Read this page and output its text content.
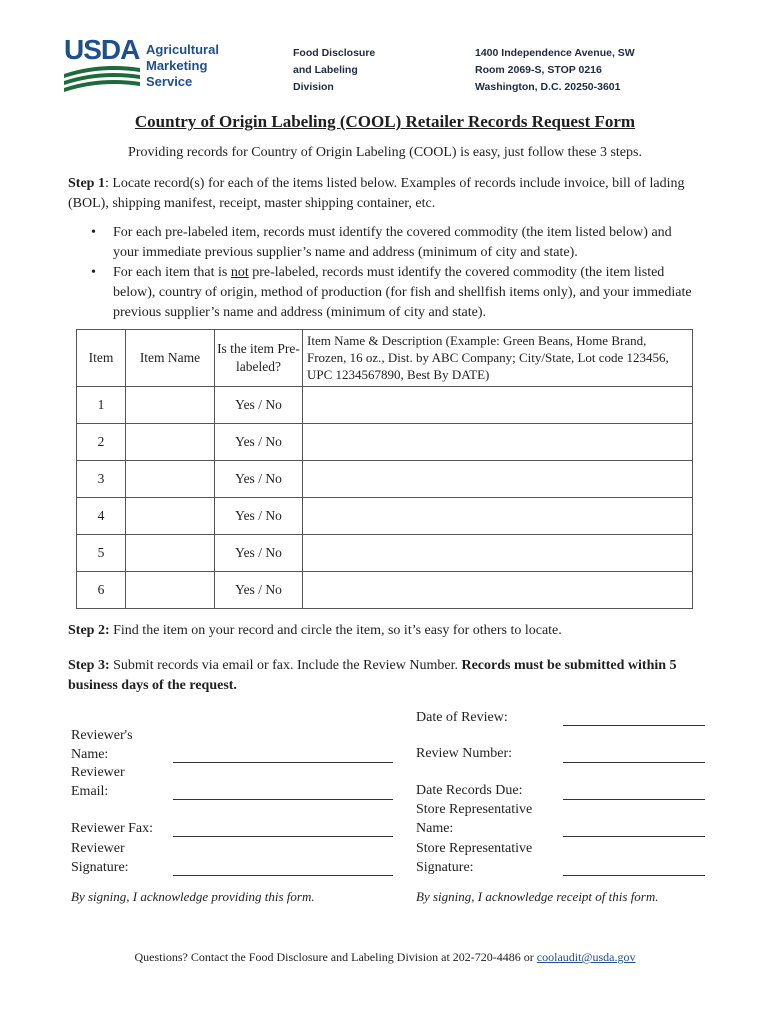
USDA Agricultural
Marketing
Service
Food Disclosure
and Labeling
Division
1400 Independence Avenue, SW
Room 2069-S, STOP 0216
Washington, D.C. 20250-3601
Country of Origin Labeling (COOL) Retailer Records Request Form
Providing records for Country of Origin Labeling (COOL) is easy, just follow these 3 steps.
Step 1: Locate record(s) for each of the items listed below. Examples of records include invoice, bill of lading (BOL), shipping manifest, receipt, master shipping container, etc.
• For each pre-labeled item, records must identify the covered commodity (the item listed below) and your immediate previous supplier’s name and address (minimum of city and state).
• For each item that is not pre-labeled, records must identify the covered commodity (the item listed below), country of origin, method of production (for fish and shellfish items only), and your immediate previous supplier’s name and address (minimum of city and state).
Item	Item Name	Is the item Pre-labeled?	Item Name & Description (Example: Green Beans, Home Brand, Frozen, 16 oz., Dist. by ABC Company; City/State, Lot code 123456, UPC 1234567890, Best By DATE)
1		Yes / No	
2		Yes / No	
3		Yes / No	
4		Yes / No	
5		Yes / No	
6		Yes / No	
Step 2: Find the item on your record and circle the item, so it’s easy for others to locate.
Step 3: Submit records via email or fax. Include the Review Number. Records must be submitted within 5 business days of the request.
Date of Review:
Review Number:
Date Records Due:
Store Representative Name:
Store Representative Signature:
Reviewer's Name:
Reviewer Email:
Reviewer Fax:
Reviewer Signature:
By signing, I acknowledge providing this form.	By signing, I acknowledge receipt of this form.
Questions? Contact the Food Disclosure and Labeling Division at 202-720-4486 or coolaudit@usda.gov
